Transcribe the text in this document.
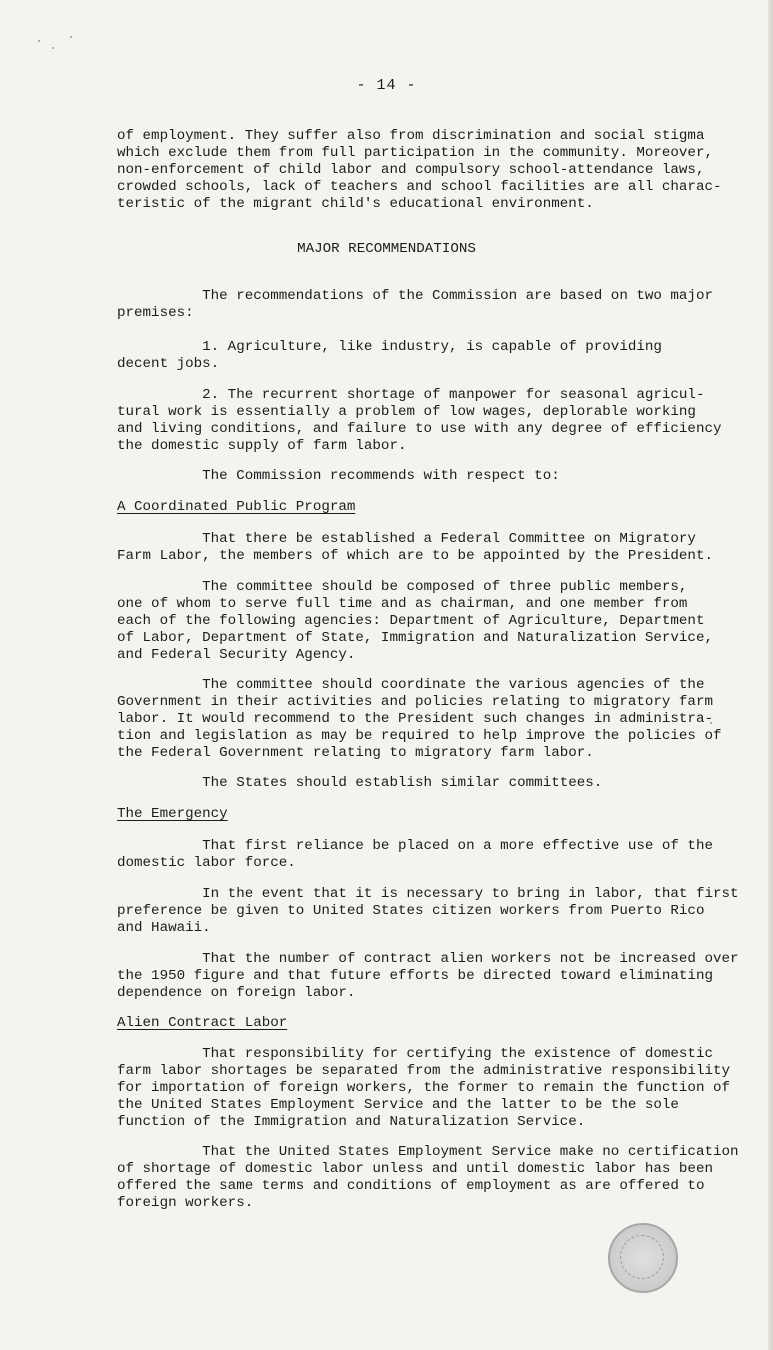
- 14 -

of employment. They suffer also from discrimination and social stigma
which exclude them from full participation in the community. Moreover,
non-enforcement of child labor and compulsory school-attendance laws,
crowded schools, lack of teachers and school facilities are all charac-
teristic of the migrant child's educational environment.

MAJOR RECOMMENDATIONS

The recommendations of the Commission are based on two major
premises:

1. Agriculture, like industry, is capable of providing
decent jobs.

2. The recurrent shortage of manpower for seasonal agricul-
tural work is essentially a problem of low wages, deplorable working
and living conditions, and failure to use with any degree of efficiency
the domestic supply of farm labor.

The Commission recommends with respect to:

A Coordinated Public Program

That there be established a Federal Committee on Migratory
Farm Labor, the members of which are to be appointed by the President.

The committee should be composed of three public members,
one of whom to serve full time and as chairman, and one member from
each of the following agencies: Department of Agriculture, Department
of Labor, Department of State, Immigration and Naturalization Service,
and Federal Security Agency.

The committee should coordinate the various agencies of the
Government in their activities and policies relating to migratory farm
labor. It would recommend to the President such changes in administra-
tion and legislation as may be required to help improve the policies of
the Federal Government relating to migratory farm labor.

The States should establish similar committees.

The Emergency

That first reliance be placed on a more effective use of the
domestic labor force.

In the event that it is necessary to bring in labor, that first
preference be given to United States citizen workers from Puerto Rico
and Hawaii.

That the number of contract alien workers not be increased over
the 1950 figure and that future efforts be directed toward eliminating
dependence on foreign labor.

Alien Contract Labor

That responsibility for certifying the existence of domestic
farm labor shortages be separated from the administrative responsibility
for importation of foreign workers, the former to remain the function of
the United States Employment Service and the latter to be the sole
function of the Immigration and Naturalization Service.

That the United States Employment Service make no certification
of shortage of domestic labor unless and until domestic labor has been
offered the same terms and conditions of employment as are offered to
foreign workers.
